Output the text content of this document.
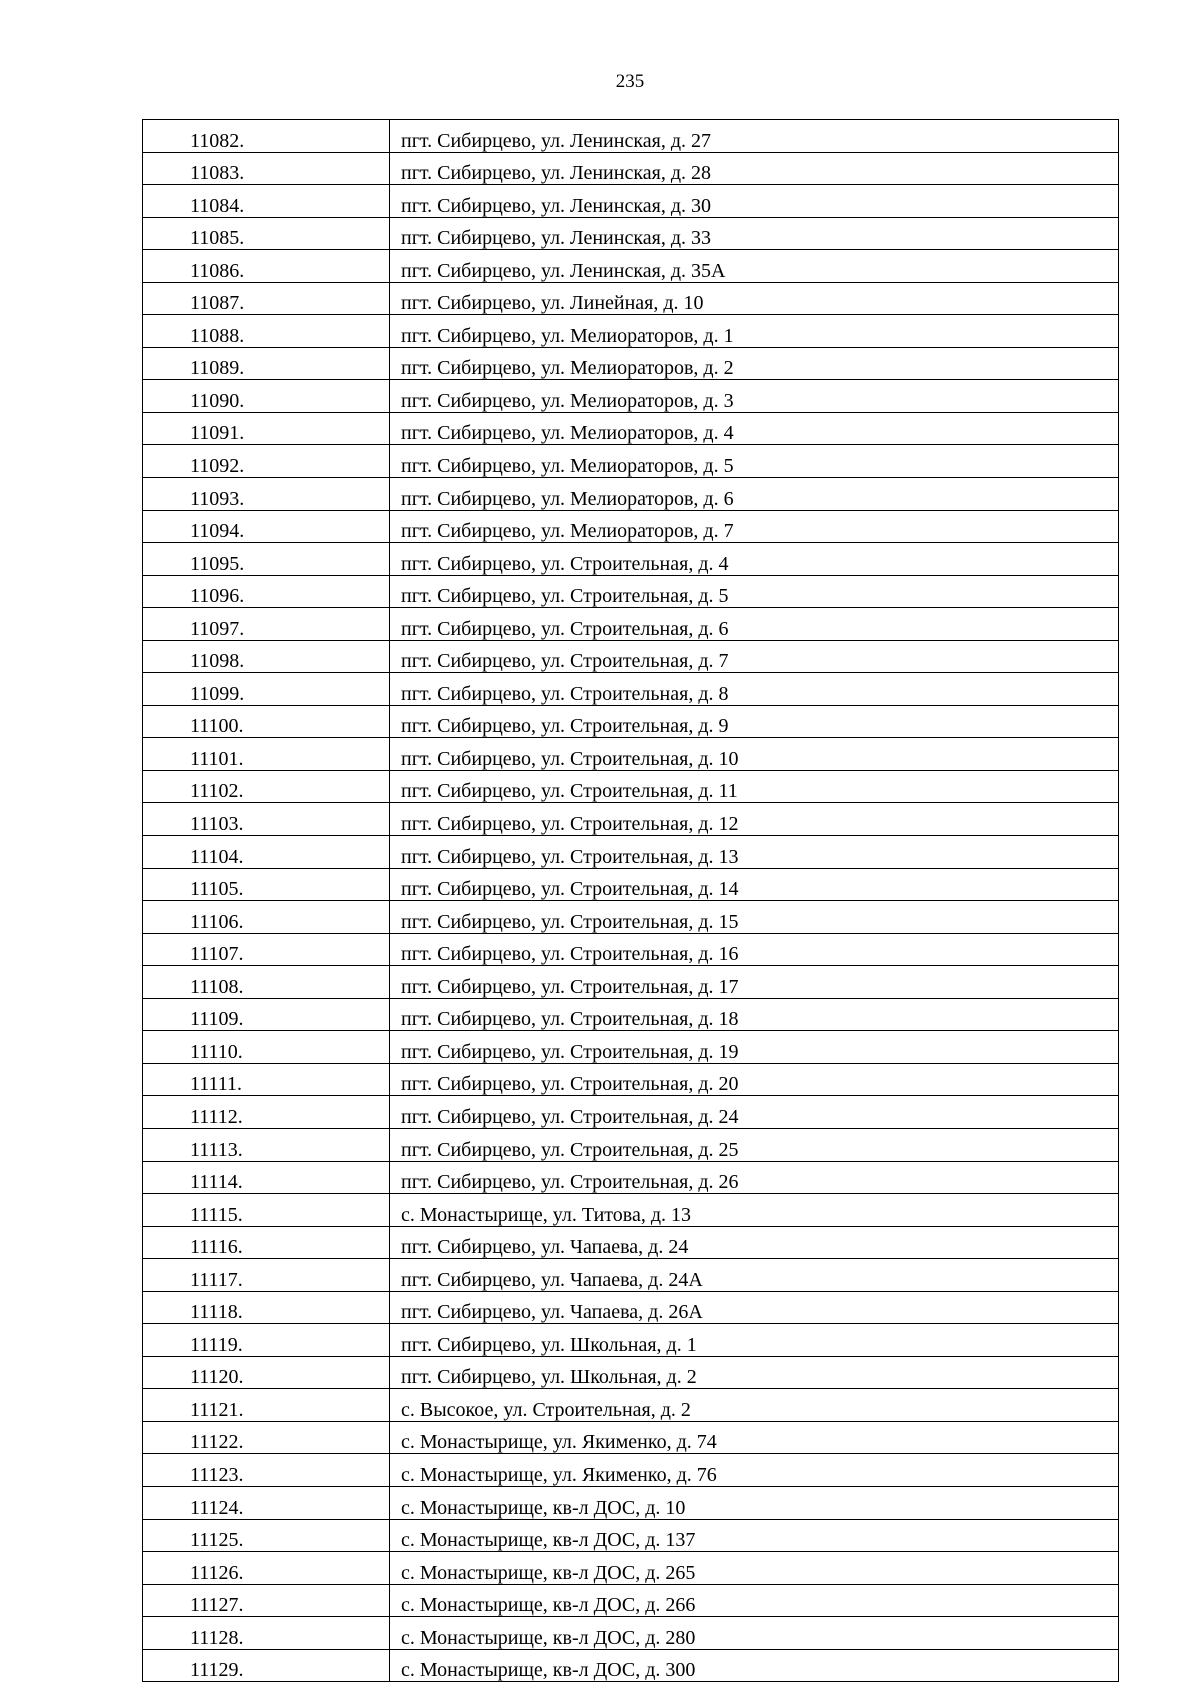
235
11082.	пгт. Сибирцево, ул. Ленинская, д. 27
11083.	пгт. Сибирцево, ул. Ленинская, д. 28
11084.	пгт. Сибирцево, ул. Ленинская, д. 30
11085.	пгт. Сибирцево, ул. Ленинская, д. 33
11086.	пгт. Сибирцево, ул. Ленинская, д. 35А
11087.	пгт. Сибирцево, ул. Линейная, д. 10
11088.	пгт. Сибирцево, ул. Мелиораторов, д. 1
11089.	пгт. Сибирцево, ул. Мелиораторов, д. 2
11090.	пгт. Сибирцево, ул. Мелиораторов, д. 3
11091.	пгт. Сибирцево, ул. Мелиораторов, д. 4
11092.	пгт. Сибирцево, ул. Мелиораторов, д. 5
11093.	пгт. Сибирцево, ул. Мелиораторов, д. 6
11094.	пгт. Сибирцево, ул. Мелиораторов, д. 7
11095.	пгт. Сибирцево, ул. Строительная, д. 4
11096.	пгт. Сибирцево, ул. Строительная, д. 5
11097.	пгт. Сибирцево, ул. Строительная, д. 6
11098.	пгт. Сибирцево, ул. Строительная, д. 7
11099.	пгт. Сибирцево, ул. Строительная, д. 8
11100.	пгт. Сибирцево, ул. Строительная, д. 9
11101.	пгт. Сибирцево, ул. Строительная, д. 10
11102.	пгт. Сибирцево, ул. Строительная, д. 11
11103.	пгт. Сибирцево, ул. Строительная, д. 12
11104.	пгт. Сибирцево, ул. Строительная, д. 13
11105.	пгт. Сибирцево, ул. Строительная, д. 14
11106.	пгт. Сибирцево, ул. Строительная, д. 15
11107.	пгт. Сибирцево, ул. Строительная, д. 16
11108.	пгт. Сибирцево, ул. Строительная, д. 17
11109.	пгт. Сибирцево, ул. Строительная, д. 18
11110.	пгт. Сибирцево, ул. Строительная, д. 19
11111.	пгт. Сибирцево, ул. Строительная, д. 20
11112.	пгт. Сибирцево, ул. Строительная, д. 24
11113.	пгт. Сибирцево, ул. Строительная, д. 25
11114.	пгт. Сибирцево, ул. Строительная, д. 26
11115.	с. Монастырище, ул. Титова, д. 13
11116.	пгт. Сибирцево, ул. Чапаева, д. 24
11117.	пгт. Сибирцево, ул. Чапаева, д. 24А
11118.	пгт. Сибирцево, ул. Чапаева, д. 26А
11119.	пгт. Сибирцево, ул. Школьная, д. 1
11120.	пгт. Сибирцево, ул. Школьная, д. 2
11121.	с. Высокое, ул. Строительная, д. 2
11122.	с. Монастырище, ул. Якименко, д. 74
11123.	с. Монастырище, ул. Якименко, д. 76
11124.	с. Монастырище, кв-л ДОС, д. 10
11125.	с. Монастырище, кв-л ДОС, д. 137
11126.	с. Монастырище, кв-л ДОС, д. 265
11127.	с. Монастырище, кв-л ДОС, д. 266
11128.	с. Монастырище, кв-л ДОС, д. 280
11129.	с. Монастырище, кв-л ДОС, д. 300
